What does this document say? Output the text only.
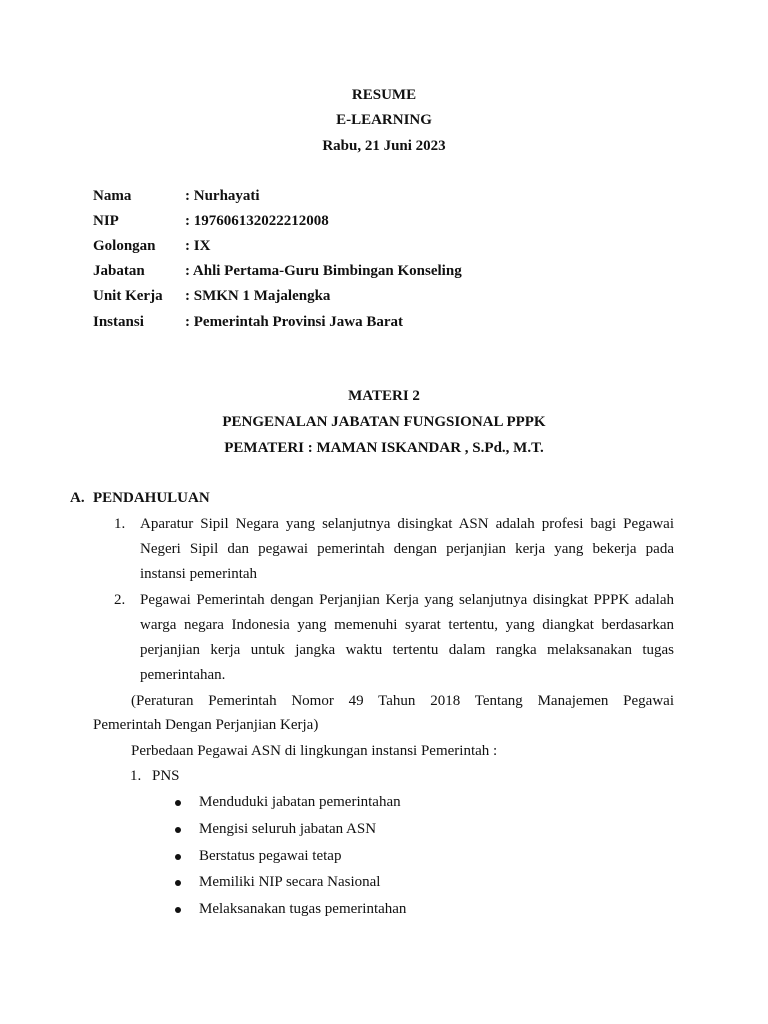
RESUME
E-LEARNING
Rabu, 21 Juni 2023
Nama	: Nurhayati
NIP	: 197606132022212008
Golongan : IX
Jabatan	: Ahli Pertama-Guru Bimbingan Konseling
Unit Kerja : SMKN 1 Majalengka
Instansi	: Pemerintah Provinsi Jawa Barat
MATERI 2
PENGENALAN JABATAN FUNGSIONAL PPPK
PEMATERI : MAMAN ISKANDAR , S.Pd., M.T.
A. PENDAHULUAN
1. Aparatur Sipil Negara yang selanjutnya disingkat ASN adalah profesi bagi Pegawai
Negeri Sipil dan pegawai pemerintah dengan perjanjian kerja yang bekerja pada
instansi pemerintah
2. Pegawai Pemerintah dengan Perjanjian Kerja yang selanjutnya disingkat PPPK adalah
warga negara Indonesia yang memenuhi syarat tertentu, yang diangkat berdasarkan
perjanjian kerja untuk jangka waktu tertentu dalam rangka melaksanakan tugas
pemerintahan.
(Peraturan Pemerintah Nomor 49 Tahun 2018 Tentang Manajemen Pegawai
Pemerintah Dengan Perjanjian Kerja)
Perbedaan Pegawai ASN di lingkungan instansi Pemerintah :
1. PNS
Menduduki jabatan pemerintahan
Mengisi seluruh jabatan ASN
Berstatus pegawai tetap
Memiliki NIP secara Nasional
Melaksanakan tugas pemerintahan
